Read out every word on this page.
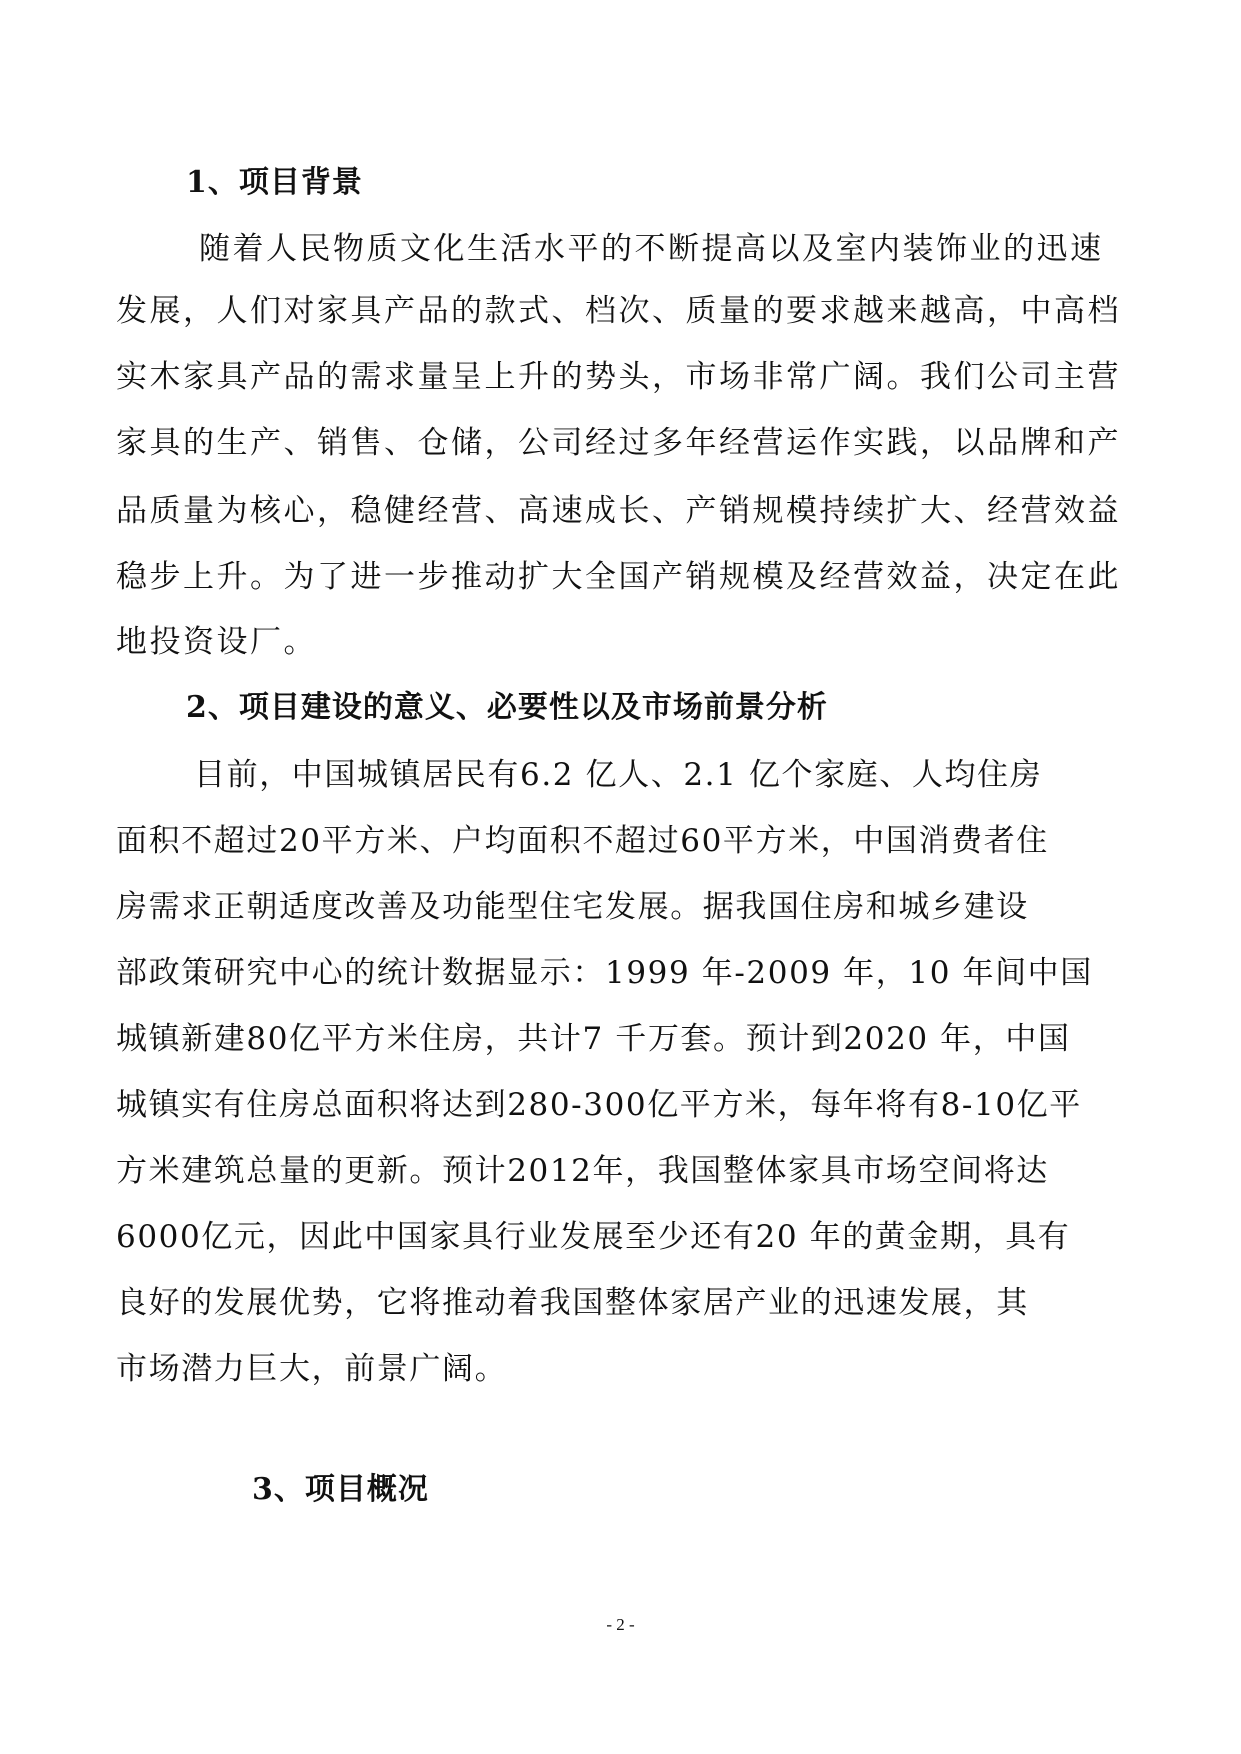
1、项目背景
随着人民物质文化生活水平的不断提高以及室内装饰业的迅速
发展，人们对家具产品的款式、档次、质量的要求越来越高，中高档
实木家具产品的需求量呈上升的势头，市场非常广阔。我们公司主营
家具的生产、销售、仓储，公司经过多年经营运作实践，以品牌和产
品质量为核心，稳健经营、高速成长、产销规模持续扩大、经营效益
稳步上升。为了进一步推动扩大全国产销规模及经营效益，决定在此
地投资设厂。
2、项目建设的意义、必要性以及市场前景分析
目前，中国城镇居民有6.2 亿人、2.1 亿个家庭、人均住房
面积不超过20平方米、户均面积不超过60平方米，中国消费者住
房需求正朝适度改善及功能型住宅发展。据我国住房和城乡建设
部政策研究中心的统计数据显示：1999 年-2009 年，10 年间中国
城镇新建80亿平方米住房，共计7 千万套。预计到2020 年，中国
城镇实有住房总面积将达到280-300亿平方米，每年将有8-10亿平
方米建筑总量的更新。预计2012年，我国整体家具市场空间将达
6000亿元，因此中国家具行业发展至少还有20 年的黄金期，具有
良好的发展优势，它将推动着我国整体家居产业的迅速发展，其
市场潜力巨大，前景广阔。
3、项目概况
- 2 -
